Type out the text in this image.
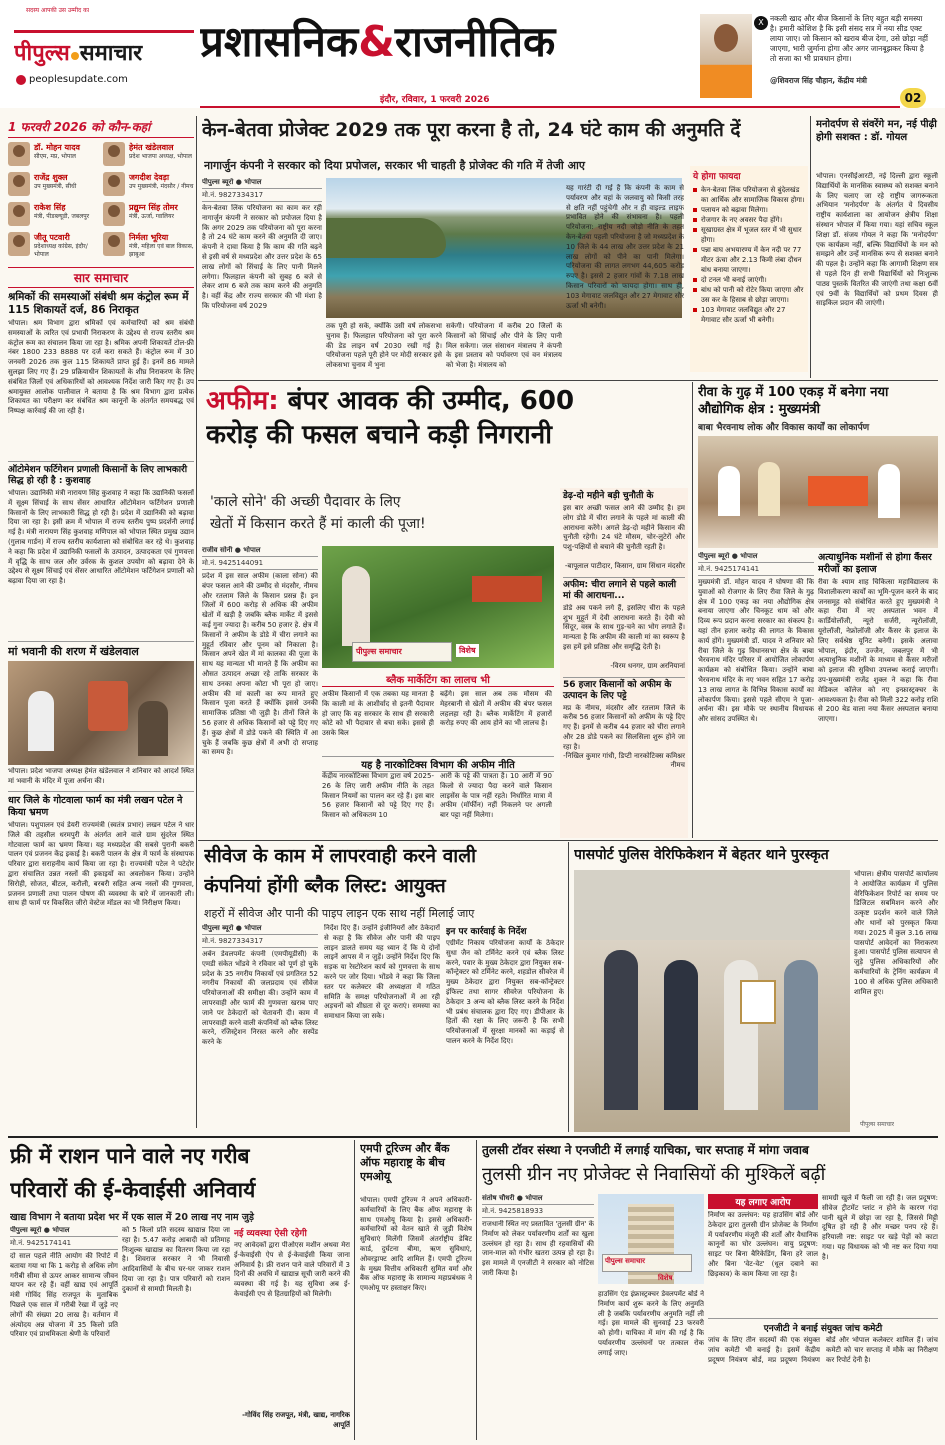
सदस्य आपकी उस उम्मीद का
पीपुल्स समाचार
peoplesupdate.com
प्रशासनिक&राजनीतिक
इंदौर, रविवार, 1 फरवरी 2026	02
X नकली खाद और बीज किसानों के लिए बहुत बड़ी समस्या है। हमारी कोशिश है कि इसी संसद सत्र में नया सीड एक्ट लाया जाए। जो किसान को खराब बीज देगा, उसे छोड़ा नहीं जाएगा, भारी जुर्माना होगा और अगर जानबूझकर किया है तो सजा का भी प्रावधान होगा।
@शिवराज सिंह चौहान, केंद्रीय मंत्री
1 फरवरी 2026 को कौन-कहां
डॉ. मोहन यादव
सीएम, मप्र, भोपाल
हेमंत खंडेलवाल
प्रदेश भाजपा अध्यक्ष, भोपाल
राजेंद्र शुक्ल
उप मुख्यमंत्री, सीधी
जगदीश देवड़ा
उप मुख्यमंत्री, मंदसौर / नीमच
राकेश सिंह
मंत्री, पीडब्ल्यूडी, जबलपुर
प्रद्युम्न सिंह तोमर
मंत्री, ऊर्जा, ग्वालियर
जीतू पटवारी
प्रदेशाध्यक्ष कांग्रेस, इंदौर/भोपाल
निर्मला भूरिया
मंत्री, महिला एवं बाल विकास, झाबुआ
सार समाचार
श्रमिकों की समस्याओं संबंधी श्रम कंट्रोल रूम में 115 शिकायतें दर्ज, 86 निराकृत
भोपाल। श्रम विभाग द्वारा श्रमिकों एवं कर्मचारियों को श्रम संबंधी समस्याओं के त्वरित एवं प्रभावी निराकरण के उद्देश्य से राज्य स्तरीय श्रम कंट्रोल रूम का संचालन किया जा रहा है। श्रमिक अपनी शिकायतें टोल-फ्री नंबर 1800 233 8888 पर दर्ज करा सकते हैं। कंट्रोल रूम में 30 जनवरी 2026 तक कुल 115 शिकायतें प्राप्त हुई हैं। इनमें 86 मामले सुलझा लिए गए हैं। 29 प्रक्रियाधीन शिकायतों के शीघ्र निराकरण के लिए संबंधित जिलों एवं अधिकारियों को आवश्यक निर्देश जारी किए गए हैं। उप श्रमायुक्त आलोक पालीवाल ने बताया है कि श्रम विभाग द्वारा प्रत्येक शिकायत का परीक्षण कर संबंधित श्रम कानूनों के अंतर्गत समयबद्ध एवं निष्पक्ष कार्रवाई की जा रही है।
ऑटोमेशन फर्टिगेशन प्रणाली किसानों के लिए लाभकारी सिद्ध हो रही है : कुशवाह
भोपाल। उद्यानिकी मंत्री नारायण सिंह कुशवाह ने कहा कि उद्यानिकी फसलों में सूक्ष्म सिंचाई के साथ सेंसर आधारित ऑटोमेशन फर्टिगेशन प्रणाली किसानों के लिए लाभकारी सिद्ध हो रही है। प्रदेश में उद्यानिकी को बढ़ावा दिया जा रहा है। इसी क्रम में भोपाल में राज्य स्तरीय पुष्प प्रदर्शनी लगाई गई है। मंत्री नारायण सिंह कुशवाह मणिपाल को भोपाल स्थित प्रमुख उद्यान (गुलाब गार्डन) में राज्य स्तरीय कार्यशाला को संबोधित कर रहे थे। कुशवाह ने कहा कि प्रदेश में उद्यानिकी फसलों के उत्पादन, उत्पादकता एवं गुणवत्ता में वृद्धि के साथ जल और उर्वरक के कुशल उपयोग को बढ़ावा देने के उद्देश्य से सूक्ष्म सिंचाई एवं सेंसर आधारित ऑटोमेशन फर्टिगेशन प्रणाली को बढ़ावा दिया जा रहा है।
मां भवानी की शरण में खंडेलवाल
भोपाल। प्रदेश भाजपा अध्यक्ष हेमंत खंडेलवाल ने शनिवार को आदर्श स्थित मां भवानी के मंदिर में पूजा अर्चना की।
धार जिले के गोटवाला फार्म का मंत्री लखन पटेल ने किया भ्रमण
भोपाल। पशुपालन एवं डेयरी राज्यमंत्री (स्वतंत्र प्रभार) लखन पटेल ने धार जिले की तहसील धरमपुरी के अंतर्गत आने वाले ग्राम सुंदरेल स्थित गोटवाला फार्म का भ्रमण किया। यह मध्यप्रदेश की सबसे पुरानी बकरी पालन एवं प्रजनन केंद्र इकाई है। बकरी पालन के क्षेत्र में फार्म के संस्थापक परिवार द्वारा सराहनीय कार्य किया जा रहा है। राज्यमंत्री पटेल ने पटेदोर द्वारा संचालित उन्नत नस्लों की इकाइयों का अवलोकन किया। उन्होंने सिरोही, सोजत, बीटल, करौली, बरबरी सहित अन्य नस्लों की गुणवत्ता, प्रजनन प्रणाली तथा पालन पोषण की व्यवस्था के बारे में जानकारी ली। साथ ही फार्म पर विकसित जीरो वेस्टेज मॉडल का भी निरीक्षण किया।
केन-बेतवा प्रोजेक्ट 2029 तक पूरा करना है तो, 24 घंटे काम की अनुमति दें
नागार्जुन कंपनी ने सरकार को दिया प्रपोजल, सरकार भी चाहती है प्रोजेक्ट की गति में तेजी आए
पीपुल्स ब्यूरो ● भोपाल
मो.नं. 9827334317
केन-बेतवा लिंक परियोजना का काम कर रही नागार्जुन कंपनी ने सरकार को प्रपोजल दिया है कि अगर 2029 तक परियोजना को पूरा करना है तो 24 घंटे काम करने की अनुमति दी जाए। कंपनी ने दावा किया है कि काम की गति बढ़ने से इसी वर्ष से मध्यप्रदेश और उत्तर प्रदेश के 65 लाख लोगों को सिंचाई के लिए पानी मिलने लगेगा। फिलहाल कंपनी को सुबह 6 बजे से लेकर शाम 6 बजे तक काम करने की अनुमति है। वहीं केंद्र और राज्य सरकार की भी मंशा है कि परियोजना वर्ष 2029
तक पूरी हो सके, क्योंकि उसी वर्ष लोकसभा चुनाव हैं। फिलहाल परियोजना को पूरा करने की डेड लाइन वर्ष 2030 रखी गई है। परियोजना पहले पूरी होने पर मोदी सरकार इसे लोकसभा चुनाव में भुना
सकेगी। परियोजना में करीब 20 जिलों के किसानों को सिंचाई और पीने के लिए पानी मिल सकेगा। जल संसाधन मंत्रालय ने कंपनी के इस प्रस्ताव को पर्यावरण एवं वन मंत्रालय को भेजा है। मंत्रालय को
यह गारंटी दी गई है कि कंपनी के काम से पर्यावरण और वहां के जलवायु को किसी तरह से क्षति नहीं पहुंचेगी और न ही वाइल्ड लाइफ प्रभावित होने की संभावना है। पहली परियोजना: राष्ट्रीय नदी जोड़ो नीति के तहत केन-बेतवा पहली परियोजना है जो मध्यप्रदेश के 10 जिले के 44 लाख और उत्तर प्रदेश के 21 लाख लोगों को पीने का पानी मिलेगा। परियोजना की लागत लगभग 44,605 करोड़ रुपए है। इससे 2 हजार गांवों के 7.18 लाख किसान परिवारों को फायदा होगा। साथ ही, 103 मेगावाट जलविद्युत और 27 मेगावाट सौर ऊर्जा भी बनेगी।
ये होगा फायदा
केन-बेतवा लिंक परियोजना से बुंदेलखंड का आर्थिक और सामाजिक विकास होगा।
पलायन को बढ़ावा मिलेगा।
रोजगार के नए अवसर पैदा होंगे।
सूखाग्रस्त क्षेत्र में भूजल स्तर में भी सुधार होगा।
पन्ना बाघ अभयारण्य में केन नदी पर 77 मीटर ऊंचा और 2.13 किमी लंबा दौधन बांध बनाया जाएगा।
दो टनल भी बनाई जाएंगी।
बांध को पानी को रोटेर किया जाएगा और उस कर के हिसाब से छोड़ा जाएगा।
103 मेगावाट जलविद्युत और 27 मेगावाट सौर ऊर्जा भी बनेगी।
मनोदर्पण से संवरेंगे मन, नई पीढ़ी होगी सशक्त : डॉ. गोयल
भोपाल। एनसीईआरटी, नई दिल्ली द्वारा स्कूली विद्यार्थियों के मानसिक स्वास्थ्य को सशक्त बनाने के लिए चलाए जा रहे राष्ट्रीय जागरूकता अभियान 'मनोदर्पण' के अंतर्गत ये दिवसीय राष्ट्रीय कार्यशाला का आयोजन क्षेत्रीय शिक्षा संस्थान भोपाल में किया गया। यहां सचिव स्कूल शिक्षा डॉ. संजय गोयल ने कहा कि 'मनोदर्पण' एक कार्यक्रम नहीं, बल्कि विद्यार्थियों के मन को समझने और उन्हें मानसिक रूप से सशक्त बनाने की पहल है। उन्होंने कहा कि आगामी शिक्षण सत्र से पहले दिन ही सभी विद्यार्थियों को निःशुल्क पाठ्य पुस्तकें वितरित की जाएंगी तथा कक्षा 6वीं एवं 9वीं के विद्यार्थियों को प्रथम दिवस ही साइकिल प्रदान की जाएंगी।
अफीम: बंपर आवक की उम्मीद, 600
करोड़ की फसल बचाने कड़ी निगरानी
'काले सोने' की अच्छी पैदावार के लिए
खेतों में किसान करते हैं मां काली की पूजा!
राजीव सोनी ● भोपाल
मो.नं. 9425144091
प्रदेश में इस साल अफीम (काला सोना) की बंपर फसल आने की उम्मीद से मंदसौर, नीमच और रतलाम जिले के किसान प्रसन्न हैं। इन जिलों में 600 करोड़ से अधिक की अफीम खेतों में खड़ी है जबकि ब्लैक मार्केट में इससे कई गुना ज्यादा है। करीब 50 हजार हे. क्षेत्र में किसानों ने अफीम के डोडे में चीरा लगाने का मुहूर्त रविवार और पूनम को निकाला है। किसान अपने खेत में मां कालका की पूजा के साथ यह मान्यता भी मानते हैं कि अफीम का औसत उत्पादन अच्छा रहे ताकि सरकार के साथ उनका अपना कोटा भी पूरा हो जाए। अफीम की मां काली का रूप मानते हुए किसान पूजा करते हैं क्योंकि इससे उनकी सामाजिक प्रतिष्ठा भी जुड़ी है। तीनों जिले के 56 हजार से अधिक किसानों को पट्टे दिए गए हैं। कुछ क्षेत्रों में डोडे पकने की स्थिति में आ चुके हैं जबकि कुछ क्षेत्रों में अभी दो सप्ताह का समय है।
पीपुल्स समाचार	विशेष
ब्लैक मार्केटिंग का लालच भी
अफीम किसानों में एक तबका यह मानता है कि काली मां के आशीर्वाद से इतनी पैदावार हो जाए कि वह सरकार के साथ ही सरकारी कोटे को भी पैदावार से बचा सके। इससे ही उसके बिल
बढ़ेंगे। इस साल अब तक मौसम की मेहरबानी से खेतों में अफीम की बंपर फसल लहलहा रही है। ब्लैक मार्केटिंग में हजारों करोड़ रुपए की आय होने का भी लालच है।
यह है नारकोटिक्स विभाग की अफीम नीति
केंद्रीय नारकोटिक्स विभाग द्वारा वर्ष 2025-26 के लिए जारी अफीम नीति के तहत किसान नियमों का पालन कर रहे हैं। इस बार 56 हजार किसानों को पट्टे दिए गए हैं। किसान को अधिकतम 10
आरी के पट्टे की पात्रता है। 10 आरी में 90 किलो से ज्यादा पैदा करने वाले किसान लाइसेंस के पात्र नहीं रहते। निर्धारित मात्रा में अफीम (मॉर्फीन) नहीं निकलने पर अगली बार पट्टा नहीं मिलेगा।
डेढ़-दो महीने बड़ी चुनौती के
इस बार अच्छी फसल आने की उम्मीद है। हम लोग डोडे में चीरा लगाने के पहले मां काली की आराधना करेंगे। अगले डेढ़-दो महीने किसान की चुनौती रहेगी। 24 घंटे मौसम, चोर-लुटेरों और पशु-पक्षियों से बचाने की चुनौती रहती है।
-बापूलाल पाटीदार, किसान, ग्राम सिंधान मंदसौर
अफीम: चीरा लगाने से पहले काली मां की आराधना...
डोडे अब पकने लगे हैं, इसलिए चीरा के पहले शुभ मुहूर्त में देवी आराधना करते हैं। देवी को सिंदूर, वस्त्र के साथ गुड़-चने का भोग लगाते हैं। मान्यता है कि अफीम की काली मां का स्वरूप है इस हमें इसे प्रतिष्ठा और समृद्धि देती है।
-विरम धनगर, ग्राम अरनियानां
56 हजार किसानों को अफीम के उत्पादन के लिए पट्टे
मप्र के नीमच, मंदसौर और रतलाम जिले के करीब 56 हजार किसानों को अफीम के पट्टे दिए गए हैं। इनमें से करीब 44 हजार को चीरा लगाने और 28 डोडे पकने का सिलसिला शुरू होने जा रहा है।
-निखिल कुमार गांधी, डिप्टी नारकोटिक्स कमिश्नर नीमच
रीवा के गुढ़ में 100 एकड़ में बनेगा नया औद्योगिक क्षेत्र : मुख्यमंत्री
बाबा भैरवनाथ लोक और विकास कार्यों का लोकार्पण
पीपुल्स ब्यूरो ● भोपाल
मो.नं. 9425174141
मुख्यमंत्री डॉ. मोहन यादव ने घोषणा की कि युवाओं को रोजगार के लिए रीवा जिले के गुढ़ क्षेत्र में 100 एकड़ का नया औद्योगिक क्षेत्र बनाया जाएगा और चिनकूट धाम को और दिव्य रूप प्रदान करना सरकार का संकल्प है। यहां तीन हजार करोड़ की लागत के विकास कार्य होंगे। मुख्यमंत्री डॉ. यादव ने शनिवार को रीवा जिले के गुढ़ विधानसभा क्षेत्र के बाबा भैरवनाथ मंदिर परिसर में आयोजित लोकार्पण कार्यक्रम को संबोधित किया। उन्होंने बाबा भैरवनाथ मंदिर के नए भवन सहित 17 करोड़ 13 लाख लागत के विभिन्न विकास कार्यों का लोकार्पण किया। इससे पहले सीएम ने पूजा-अर्चना की। इस मौके पर स्थानीय विधायक और सांसद उपस्थित थे।
अत्याधुनिक मशीनों से होगा कैंसर मरीजों का इलाज
रीवा के श्याम शाह चिकित्सा महाविद्यालय के विशालीकरण कार्यों का भूमि-पूजन करने के बाद जनसमूह को संबोधित करते हुए मुख्यमंत्री ने कहा रीवा में नए अस्पताल भवन में कार्डियोलॉजी, न्यूरो सर्जरी, न्यूरोलॉजी, यूरोलॉजी, नेफ्रोलॉजी और कैंसर के इलाज के लिए सर्वश्रेष्ठ यूनिट बनेगी। इसके अलावा भोपाल, इंदौर, उज्जैन, जबलपुर में भी अत्याधुनिक मशीनों के माध्यम से कैंसर मरीजों को इलाज की सुविधा उपलब्ध कराई जाएगी। उप-मुख्यमंत्री राजेंद्र शुक्ल ने कहा कि रीवा मेडिकल कॉलेज को नए इन्फ्रास्ट्रक्चर के आवश्यकता है। रीवा को मिली 322 करोड़ राशि से 200 बेड वाला नया कैंसर अस्पताल बनाया जाएगा।
सीवेज के काम में लापरवाही करने वाली
कंपनियां होंगी ब्लैक लिस्ट: आयुक्त
शहरों में सीवेज और पानी की पाइप लाइन एक साथ नहीं मिलाई जाए
पीपुल्स ब्यूरो ● भोपाल
मो.नं. 9827334317
अर्बन डेवलपमेंट कंपनी (एमपीयूडीसी) के एमडी संकेत भोंडवे ने रविवार को पूर्ण हो चुके प्रदेश के 35 नगरीय निकायों एवं प्रगतिरत 52 नगरीय निकायों की जलप्रदाय एवं सीवेज परियोजनाओं की समीक्षा की। उन्होंने काम में लापरवाही और फार्म की गुणवत्ता खराब पाए जाने पर ठेकेदारों को चेतावनी दी। काम में लापरवाही करने वाली कंपनियों को ब्लैक लिस्ट करने, रजिस्ट्रेशन निरस्त करने और सस्पेंड करने के
निर्देश दिए हैं। उन्होंने इंजीनियरों और ठेकेदारों से कहा है कि सीवेज और पानी की पाइप लाइन डालते समय यह ध्यान दें कि ये दोनों लाइनें आपस में न जुड़ें। उन्होंने निर्देश दिए कि सड़क या रेस्टोरेशन कार्य को गुणवत्ता के साथ करने पर जोर दिया। भोंडवे ने कहा कि जिला स्तर पर कलेक्टर की अध्यक्षता में गठित समिति के समक्ष परियोजनाओं में आ रही अड़चनों को शीघ्रता से दूर कराएं। समस्या का समाधान किया जा सके।
इन पर कार्रवाई के निर्देश
एग्रीमेंट निकाय परियोजना कार्यों के ठेकेदार सुधा जैन को टर्मिनेट करने एवं ब्लैक लिस्ट करने, पवार के मुख्य ठेकेदार द्वारा नियुक्त सब-कॉन्ट्रेक्टर को टर्मिनेट करने, शहडोल सीवरेज में मुख्य ठेकेदार द्वारा नियुक्त सब-कॉन्ट्रेक्टर इंफिल्ट तथा सागर सीवरेज परियोजना के ठेकेदार 3 अन्य को ब्लैक लिस्ट करने के निर्देश भी प्रबंध संचालक द्वारा दिए गए। डीपीआर के हितों की रक्षा के लिए जरूरी है कि सभी परियोजनाओं में सुरक्षा मानकों का कड़ाई से पालन करने के निर्देश दिए।
पासपोर्ट पुलिस वेरिफिकेशन में बेहतर थाने पुरस्कृत
भोपाल। क्षेत्रीय पासपोर्ट कार्यालय ने आयोजित कार्यक्रम में पुलिस वेरिफिकेशन रिपोर्ट का समय पर डिजिटल सबमिशन करने और उत्कृष्ट प्रदर्शन करने वाले जिले और थानों को पुरस्कृत किया गया। 2025 में कुल 3.16 लाख पासपोर्ट आवेदनों का निराकरण हुआ। पासपोर्ट पुलिस सत्यापन से जुड़े पुलिस अधिकारियों और कर्मचारियों के ट्रेनिंग कार्यक्रम में 100 से अधिक पुलिस अधिकारी शामिल हुए।
पीपुल्स समाचार
फ्री में राशन पाने वाले नए गरीब
परिवारों की ई-केवाईसी अनिवार्य
खाद्य विभाग ने बताया प्रदेश भर में एक साल में 20 लाख नए नाम जुड़े
पीपुल्स ब्यूरो ● भोपाल
मो.नं. 9425174141
दो साल पहले नीति आयोग की रिपोर्ट में बताया गया था कि 1 करोड़ से अधिक लोग गरीबी सीमा से ऊपर आकर सामान्य जीवन यापन कर रहे हैं। वहीं खाद्य एवं आपूर्ति मंत्री गोविंद सिंह राजपूत के मुताबिक पिछले एक साल में गरीबी रेखा में जुड़े नए लोगों की संख्या 20 लाख है। वर्तमान में अंत्योदय अन्न योजना में 35 किलो प्रति परिवार एवं प्राथमिकता श्रेणी के परिवारों
को 5 किलो प्रति सदस्य खाद्यान्न दिया जा रहा है। 5.47 करोड़ आबादी को प्रतिमाह निःशुल्क खाद्यान्न का वितरण किया जा रहा है। शिवराज सरकार ने भी निवासी आदिवासियों के बीच घर-घर जाकर राशन दिया जा रहा है। पात्र परिवारों को राशन दुकानों से सामग्री मिलती है।
नई व्यवस्था ऐसी रहेगी
नए आवेदकों द्वारा पीओएस मशीन अथवा मेरा ई-केवाईसी ऐप से ई-केवाईसी किया जाना अनिवार्य है। फ्री राशन पाने वाले परिवारों में 3 दिनों की अवधि में खाद्यान्न सूची जारी करने की व्यवस्था की गई है। यह सुविधा अब ई-केवाईसी एप से हितग्राहियों को मिलेगी।
-गोविंद सिंह राजपूत, मंत्री, खाद्य, नागरिक आपूर्ति
एमपी टूरिज्म और बैंक ऑफ महाराष्ट्र के बीच एमओयू
भोपाल। एमपी टूरिज्म ने अपने अधिकारी-कर्मचारियों के लिए बैंक ऑफ महाराष्ट्र के साथ एमओयू किया है। इससे अधिकारी-कर्मचारियों को वेतन खाते से जुड़ी विशेष सुविधाएं मिलेंगी जिसमें अंतर्राष्ट्रीय डेबिट कार्ड, दुर्घटना बीमा, ऋण सुविधाएं, ओवरड्राफ्ट आदि शामिल हैं। एमपी टूरिज्म के मुख्य वित्तीय अधिकारी सुमित वर्मा और बैंक ऑफ महाराष्ट्र के सामान्य महाप्रबंधक ने एमओयू पर हस्ताक्षर किए।
तुलसी टॉवर संस्था ने एनजीटी में लगाई याचिका, चार सप्ताह में मांगा जवाब
तुलसी ग्रीन नए प्रोजेक्ट से निवासियों की मुश्किलें बढ़ीं
संतोष चौधरी ● भोपाल
मो.नं. 9425818933
राजधानी स्थित नए प्रस्तावित 'तुलसी ग्रीन' के निर्माण को लेकर पर्यावरणीय शर्तों का खुला उल्लंघन हो रहा है। साथ ही रहवासियों की जान-माल को गंभीर खतरा उत्पन्न हो रहा है। इस मामले में एनजीटी ने सरकार को नोटिस जारी किया है।
पीपुल्स समाचार
विशेष
हाउसिंग एंड इंफ्रास्ट्रक्चर डेवलपमेंट बोर्ड ने निर्माण कार्य शुरू करने के लिए अनुमति ली है जबकि पर्यावरणीय अनुमति नहीं ली गई। इस मामले की सुनवाई 23 फरवरी को होगी। याचिका में मांग की गई है कि पर्यावरणीय उल्लंघनों पर तत्काल रोक लगाई जाए।
यह लगाए आरोप
निर्माण का उल्लंघन: यह हाउसिंग बोर्ड और ठेकेदार द्वारा तुलसी ग्रीन प्रोजेक्ट के निर्माण में पर्यावरणीय मंजूरी की शर्तों और वैधानिक कानूनों का घोर उल्लंघन। वायु प्रदूषण: साइट पर बिना बैरिकेडिंग, बिना हरे जाल और बिना 'वेट-वेट' (धूल दबाने का छिड़काव) के काम किया जा रहा है।
सामग्री खुले में फैली जा रही है। जल प्रदूषण: सीवेज ट्रीटमेंट प्लांट न होने के कारण गंदा पानी खुले में छोड़ा जा रहा है, जिससे मिट्टी दूषित हो रही है और मच्छर पनप रहे हैं। हरियाली नष्ट: साइट पर खड़े पेड़ों को काटा गया। यह विधायक को भी नष्ट कर दिया गया है।
एनजीटी ने बनाई संयुक्त जांच कमेटी
जांच के लिए तीन सदस्यों की एक संयुक्त जांच कमेटी भी बनाई है। इसमें केंद्रीय प्रदूषण नियंत्रण बोर्ड, मप्र प्रदूषण नियंत्रण बोर्ड और भोपाल कलेक्टर शामिल हैं। जांच कमेटी को चार सप्ताह में मौके का निरीक्षण कर रिपोर्ट देनी है।
